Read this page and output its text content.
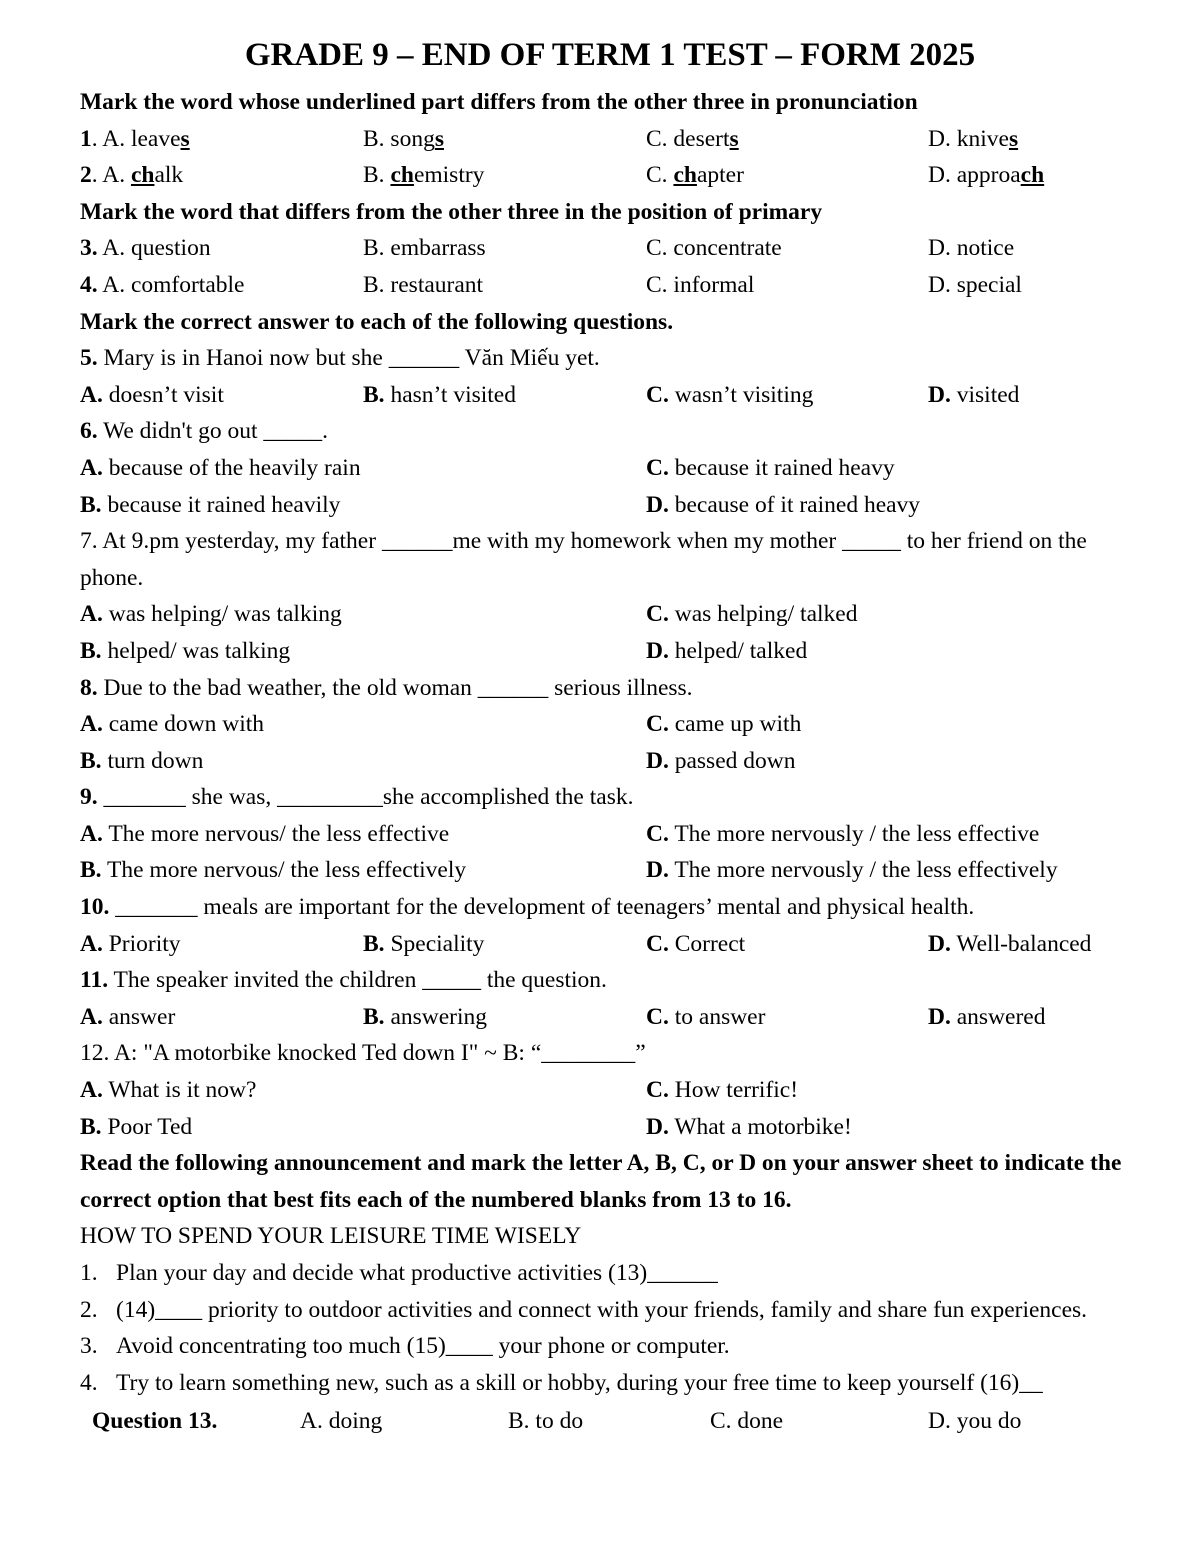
GRADE 9 – END OF TERM 1 TEST – FORM 2025
Mark the word whose underlined part differs from the other three in pronunciation
1. A. leaves	B. songs	C. deserts	D. knives
2. A. chalk	B. chemistry	C. chapter	D. approach
Mark the word that differs from the other three in the position of primary
3. A. question	B. embarrass	C. concentrate	D. notice
4. A. comfortable	B. restaurant	C. informal	D. special
Mark the correct answer to each of the following questions.
5. Mary is in Hanoi now but she ______ Văn Miếu yet.
A. doesn’t visit	B. hasn’t visited	C. wasn’t visiting	D. visited
6. We didn't go out _____.
A. because of the heavily rain	C. because it rained heavy
B. because it rained heavily	D. because of it rained heavy
7. At 9.pm yesterday, my father ______me with my homework when my mother _____ to her friend on the phone.
A. was helping/ was talking	C. was helping/ talked
B. helped/ was talking	D. helped/ talked
8. Due to the bad weather, the old woman ______ serious illness.
A. came down with	C. came up with
B. turn down	D. passed down
9. _______ she was, _________she accomplished the task.
A. The more nervous/ the less effective	C. The more nervously / the less effective
B. The more nervous/ the less effectively	D. The more nervously / the less effectively
10. _______ meals are important for the development of teenagers’ mental and physical health.
A. Priority	B. Speciality	C. Correct	D. Well-balanced
11. The speaker invited the children _____ the question.
A. answer	B. answering	C. to answer	D. answered
12. A: "A motorbike knocked Ted down I" ~ B: “________”
A. What is it now?	C. How terrific!
B. Poor Ted	D. What a motorbike!
Read the following announcement and mark the letter A, B, C, or D on your answer sheet to indicate the correct option that best fits each of the numbered blanks from 13 to 16.
HOW TO SPEND YOUR LEISURE TIME WISELY
1. Plan your day and decide what productive activities (13)______
2. (14)____ priority to outdoor activities and connect with your friends, family and share fun experiences.
3. Avoid concentrating too much (15)____ your phone or computer.
4. Try to learn something new, such as a skill or hobby, during your free time to keep yourself (16)__
Question 13.	A. doing	B. to do	C. done	D. you do
